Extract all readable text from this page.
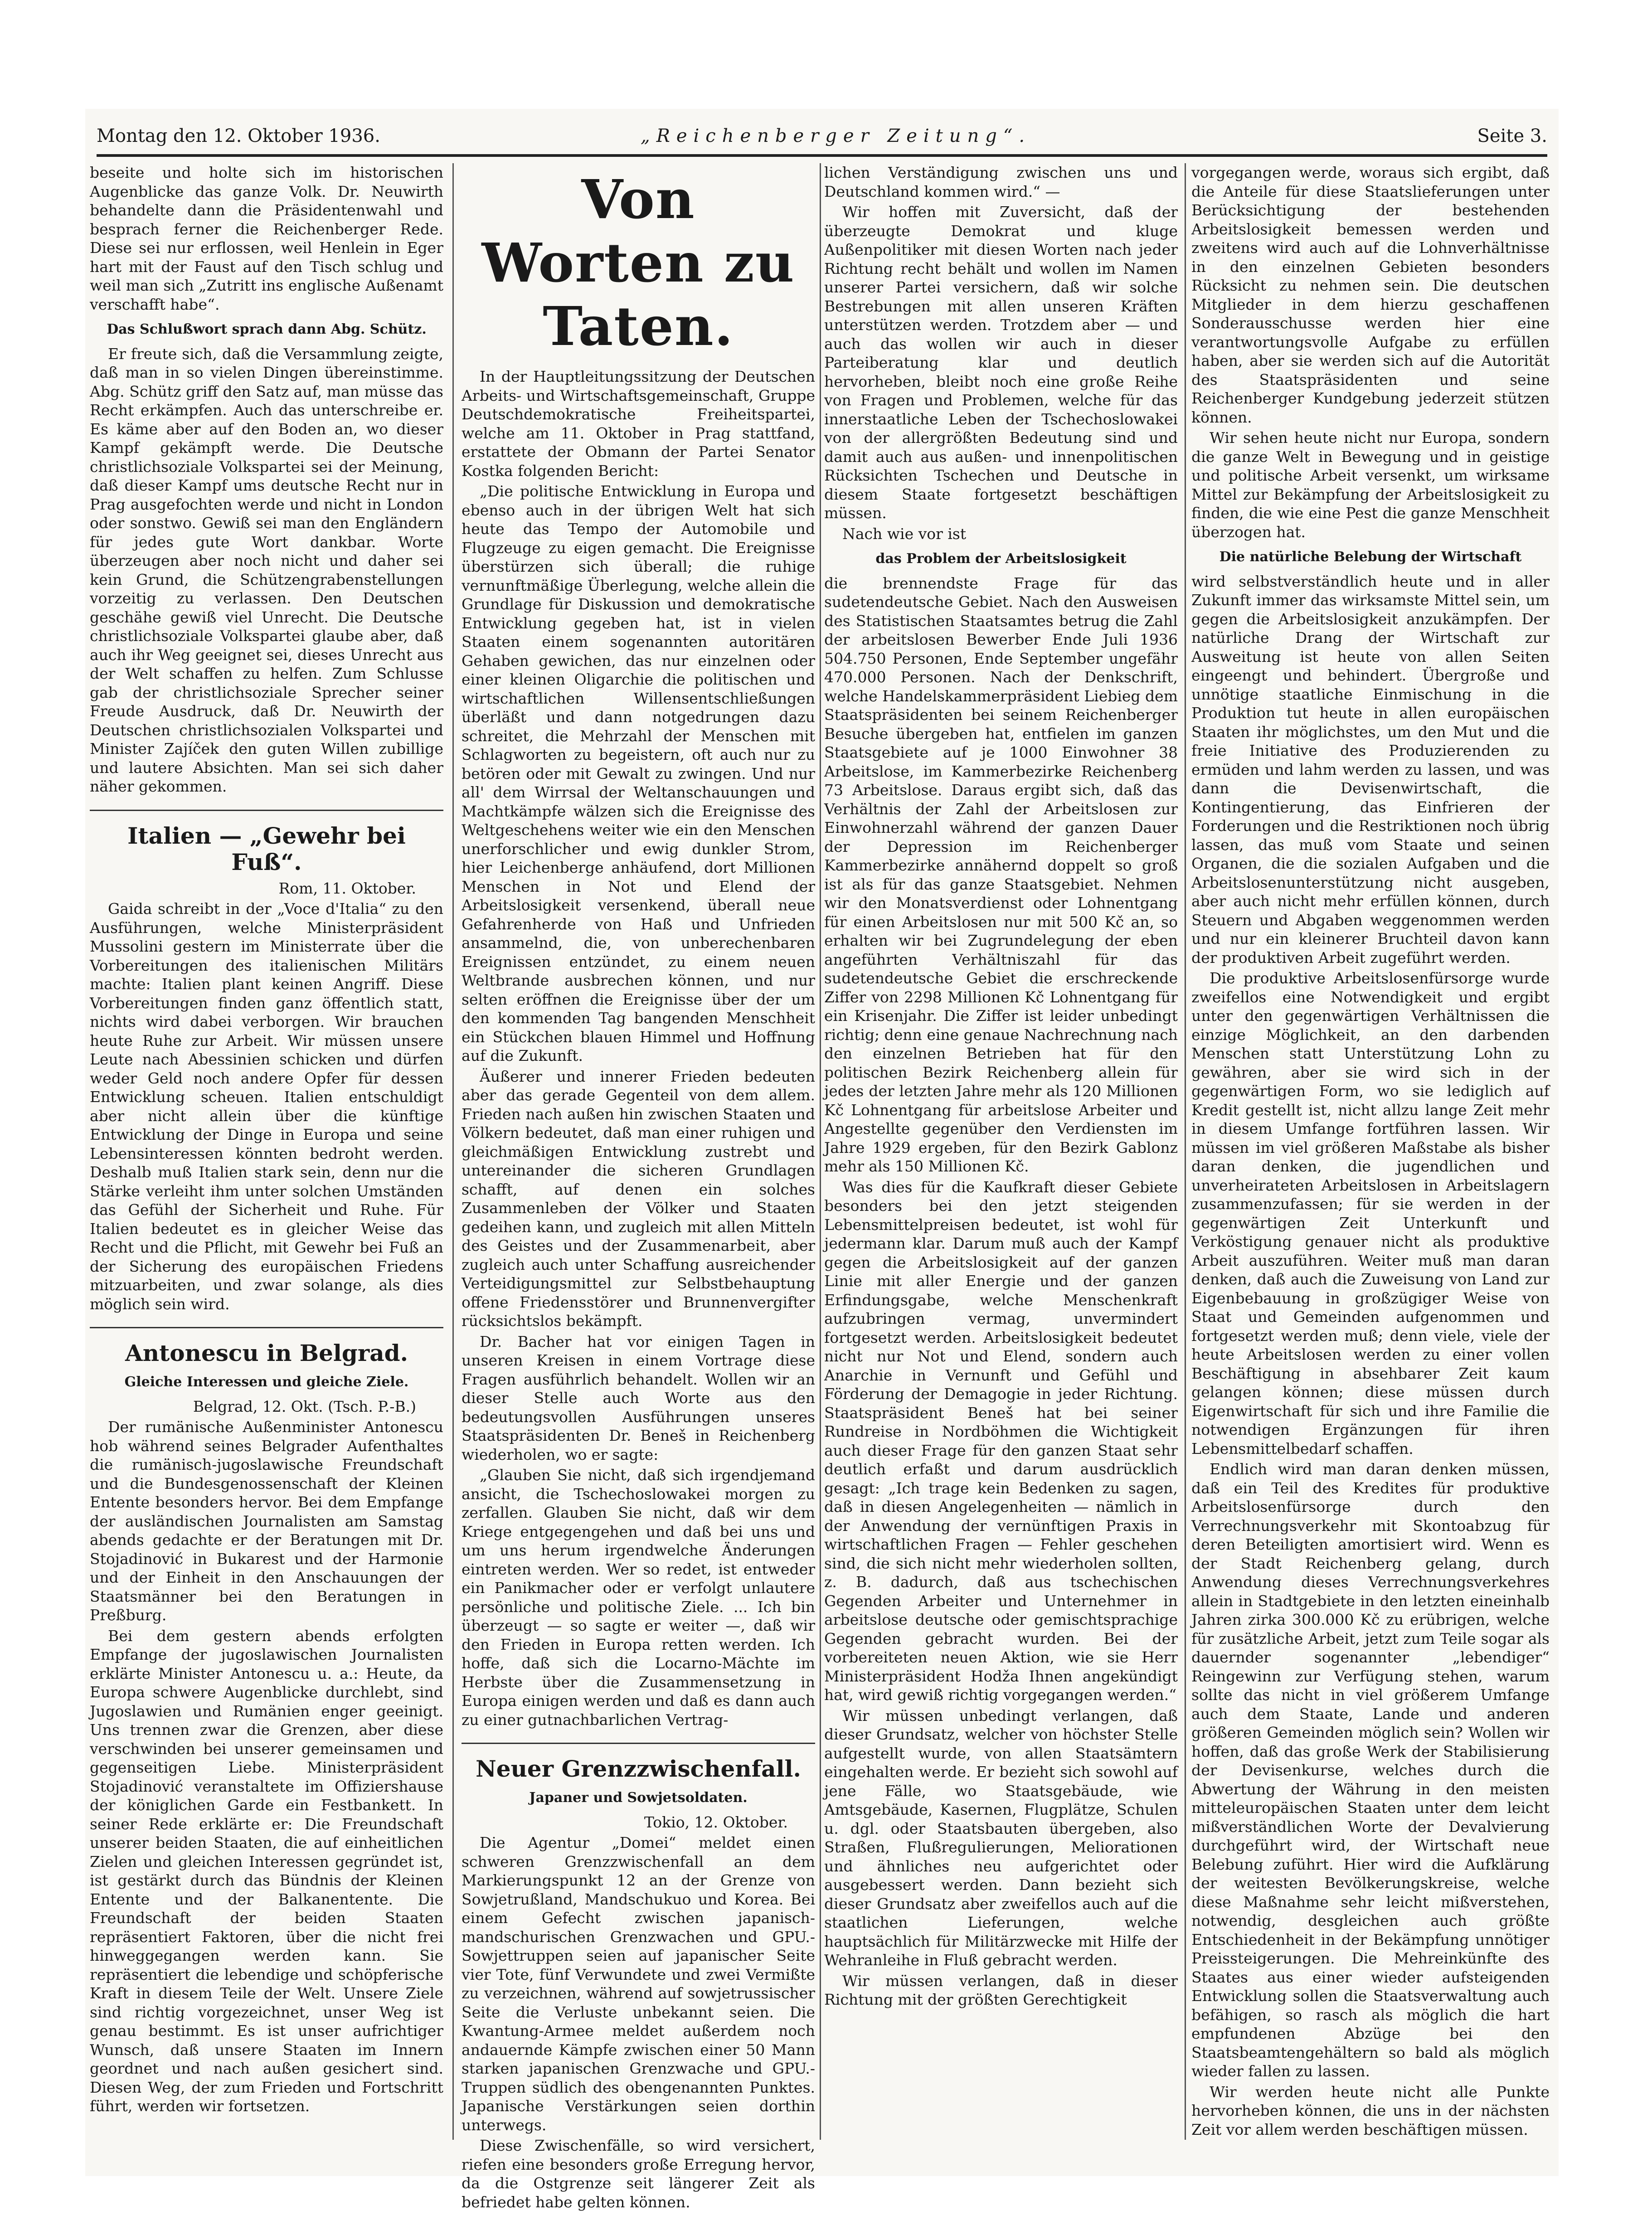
Montag den 12. Oktober 1936.	„Reichenberger Zeitung“.	Seite 3.

beseite und holte sich im historischen Augenblicke das ganze Volk. Dr. Neuwirth behandelte dann die Präsidentenwahl und besprach ferner die Reichenberger Rede. Diese sei nur erflossen, weil Henlein in Eger hart mit der Faust auf den Tisch schlug und weil man sich „Zutritt ins englische Außenamt verschafft habe“.

Das Schlußwort sprach dann Abg. Schütz.

Er freute sich, daß die Versammlung zeigte, daß man in so vielen Dingen übereinstimme. Abg. Schütz griff den Satz auf, man müsse das Recht erkämpfen. Auch das unterschreibe er. Es käme aber auf den Boden an, wo dieser Kampf gekämpft werde. Die Deutsche christlichsoziale Volkspartei sei der Meinung, daß dieser Kampf ums deutsche Recht nur in Prag ausgefochten werde und nicht in London oder sonstwo. Gewiß sei man den Engländern für jedes gute Wort dankbar. Worte überzeugen aber noch nicht und daher sei kein Grund, die Schützengrabenstellungen vorzeitig zu verlassen. Den Deutschen geschähe gewiß viel Unrecht. Die Deutsche christlichsoziale Volkspartei glaube aber, daß auch ihr Weg geeignet sei, dieses Unrecht aus der Welt schaffen zu helfen. Zum Schlusse gab der christlichsoziale Sprecher seiner Freude Ausdruck, daß Dr. Neuwirth der Deutschen christlichsozialen Volkspartei und Minister Zajíček den guten Willen zubillige und lautere Absichten. Man sei sich daher näher gekommen.

Italien — „Gewehr bei Fuß“.
Rom, 11. Oktober.

Gaida schreibt in der „Voce d'Italia“ zu den Ausführungen, welche Ministerpräsident Mussolini gestern im Ministerrate über die Vorbereitungen des italienischen Militärs machte: Italien plant keinen Angriff. Diese Vorbereitungen finden ganz öffentlich statt, nichts wird dabei verborgen. Wir brauchen heute Ruhe zur Arbeit. Wir müssen unsere Leute nach Abessinien schicken und dürfen weder Geld noch andere Opfer für dessen Entwicklung scheuen. Italien entschuldigt aber nicht allein über die künftige Entwicklung der Dinge in Europa und seine Lebensinteressen könnten bedroht werden. Deshalb muß Italien stark sein, denn nur die Stärke verleiht ihm unter solchen Umständen das Gefühl der Sicherheit und Ruhe. Für Italien bedeutet es in gleicher Weise das Recht und die Pflicht, mit Gewehr bei Fuß an der Sicherung des europäischen Friedens mitzuarbeiten, und zwar solange, als dies möglich sein wird.

Antonescu in Belgrad.
Gleiche Interessen und gleiche Ziele.
Belgrad, 12. Okt. (Tsch. P.-B.)

Der rumänische Außenminister Antonescu hob während seines Belgrader Aufenthaltes die rumänisch-jugoslawische Freundschaft und die Bundesgenossenschaft der Kleinen Entente besonders hervor. Bei dem Empfange der ausländischen Journalisten am Samstag abends gedachte er der Beratungen mit Dr. Stojadinović in Bukarest und der Harmonie und der Einheit in den Anschauungen der Staatsmänner bei den Beratungen in Preßburg.

Bei dem gestern abends erfolgten Empfange der jugoslawischen Journalisten erklärte Minister Antonescu u. a.: Heute, da Europa schwere Augenblicke durchlebt, sind Jugoslawien und Rumänien enger geeinigt. Uns trennen zwar die Grenzen, aber diese verschwinden bei unserer gemeinsamen und gegenseitigen Liebe. Ministerpräsident Stojadinović veranstaltete im Offiziershause der königlichen Garde ein Festbankett. In seiner Rede erklärte er: Die Freundschaft unserer beiden Staaten, die auf einheitlichen Zielen und gleichen Interessen gegründet ist, ist gestärkt durch das Bündnis der Kleinen Entente und der Balkanentente. Die Freundschaft der beiden Staaten repräsentiert Faktoren, über die nicht frei hinweggegangen werden kann. Sie repräsentiert die lebendige und schöpferische Kraft in diesem Teile der Welt. Unsere Ziele sind richtig vorgezeichnet, unser Weg ist genau bestimmt. Es ist unser aufrichtiger Wunsch, daß unsere Staaten im Innern geordnet und nach außen gesichert sind. Diesen Weg, der zum Frieden und Fortschritt führt, werden wir fortsetzen.

Von Worten zu Taten.

In der Hauptleitungssitzung der Deutschen Arbeits- und Wirtschaftsgemeinschaft, Gruppe Deutschdemokratische Freiheitspartei, welche am 11. Oktober in Prag stattfand, erstattete der Obmann der Partei Senator Kostka folgenden Bericht:

„Die politische Entwicklung in Europa und ebenso auch in der übrigen Welt hat sich heute das Tempo der Automobile und Flugzeuge zu eigen gemacht. Die Ereignisse überstürzen sich überall; die ruhige vernunftmäßige Überlegung, welche allein die Grundlage für Diskussion und demokratische Entwicklung gegeben hat, ist in vielen Staaten einem sogenannten autoritären Gehaben gewichen, das nur einzelnen oder einer kleinen Oligarchie die politischen und wirtschaftlichen Willensentschließungen überläßt und dann notgedrungen dazu schreitet, die Mehrzahl der Menschen mit Schlagworten zu begeistern, oft auch nur zu betören oder mit Gewalt zu zwingen. Und nur all' dem Wirrsal der Weltanschauungen und Machtkämpfe wälzen sich die Ereignisse des Weltgeschehens weiter wie ein den Menschen unerforschlicher und ewig dunkler Strom, hier Leichenberge anhäufend, dort Millionen Menschen in Not und Elend der Arbeitslosigkeit versenkend, überall neue Gefahrenherde von Haß und Unfrieden ansammelnd, die, von unberechenbaren Ereignissen entzündet, zu einem neuen Weltbrande ausbrechen können, und nur selten eröffnen die Ereignisse über der um den kommenden Tag bangenden Menschheit ein Stückchen blauen Himmel und Hoffnung auf die Zukunft.

Äußerer und innerer Frieden bedeuten aber das gerade Gegenteil von dem allem. Frieden nach außen hin zwischen Staaten und Völkern bedeutet, daß man einer ruhigen und gleichmäßigen Entwicklung zustrebt und untereinander die sicheren Grundlagen schafft, auf denen ein solches Zusammenleben der Völker und Staaten gedeihen kann, und zugleich mit allen Mitteln des Geistes und der Zusammenarbeit, aber zugleich auch unter Schaffung ausreichender Verteidigungsmittel zur Selbstbehauptung offene Friedensstörer und Brunnenvergifter rücksichtslos bekämpft.

Dr. Bacher hat vor einigen Tagen in unseren Kreisen in einem Vortrage diese Fragen ausführlich behandelt. Wollen wir an dieser Stelle auch Worte aus den bedeutungsvollen Ausführungen unseres Staatspräsidenten Dr. Beneš in Reichenberg wiederholen, wo er sagte:

„Glauben Sie nicht, daß sich irgendjemand ansicht, die Tschechoslowakei morgen zu zerfallen. Glauben Sie nicht, daß wir dem Kriege entgegengehen und daß bei uns und um uns herum irgendwelche Änderungen eintreten werden. Wer so redet, ist entweder ein Panikmacher oder er verfolgt unlautere persönliche und politische Ziele. ... Ich bin überzeugt — so sagte er weiter —, daß wir den Frieden in Europa retten werden. Ich hoffe, daß sich die Locarno-Mächte im Herbste über die Zusammensetzung in Europa einigen werden und daß es dann auch zu einer gutnachbarlichen Vertrag-

Neuer Grenzzwischenfall.
Japaner und Sowjetsoldaten.
Tokio, 12. Oktober.

Die Agentur „Domei“ meldet einen schweren Grenzzwischenfall an dem Markierungspunkt 12 an der Grenze von Sowjetrußland, Mandschukuo und Korea. Bei einem Gefecht zwischen japanisch-mandschurischen Grenzwachen und GPU.-Sowjettruppen seien auf japanischer Seite vier Tote, fünf Verwundete und zwei Vermißte zu verzeichnen, während auf sowjetrussischer Seite die Verluste unbekannt seien. Die Kwantung-Armee meldet außerdem noch andauernde Kämpfe zwischen einer 50 Mann starken japanischen Grenzwache und GPU.-Truppen südlich des obengenannten Punktes. Japanische Verstärkungen seien dorthin unterwegs.

Diese Zwischenfälle, so wird versichert, riefen eine besonders große Erregung hervor, da die Ostgrenze seit längerer Zeit als befriedet habe gelten können.

lichen Verständigung zwischen uns und Deutschland kommen wird.“ —

Wir hoffen mit Zuversicht, daß der überzeugte Demokrat und kluge Außenpolitiker mit diesen Worten nach jeder Richtung recht behält und wollen im Namen unserer Partei versichern, daß wir solche Bestrebungen mit allen unseren Kräften unterstützen werden. Trotzdem aber — und auch das wollen wir auch in dieser Parteiberatung klar und deutlich hervorheben, bleibt noch eine große Reihe von Fragen und Problemen, welche für das innerstaatliche Leben der Tschechoslowakei von der allergrößten Bedeutung sind und damit auch aus außen- und innenpolitischen Rücksichten Tschechen und Deutsche in diesem Staate fortgesetzt beschäftigen müssen.

Nach wie vor ist

das Problem der Arbeitslosigkeit

die brennendste Frage für das sudetendeutsche Gebiet. Nach den Ausweisen des Statistischen Staatsamtes betrug die Zahl der arbeitslosen Bewerber Ende Juli 1936 504.750 Personen, Ende September ungefähr 470.000 Personen. Nach der Denkschrift, welche Handelskammerpräsident Liebieg dem Staatspräsidenten bei seinem Reichenberger Besuche übergeben hat, entfielen im ganzen Staatsgebiete auf je 1000 Einwohner 38 Arbeitslose, im Kammerbezirke Reichenberg 73 Arbeitslose. Daraus ergibt sich, daß das Verhältnis der Zahl der Arbeitslosen zur Einwohnerzahl während der ganzen Dauer der Depression im Reichenberger Kammerbezirke annähernd doppelt so groß ist als für das ganze Staatsgebiet. Nehmen wir den Monatsverdienst oder Lohnentgang für einen Arbeitslosen nur mit 500 Kč an, so erhalten wir bei Zugrundelegung der eben angeführten Verhältniszahl für das sudetendeutsche Gebiet die erschreckende Ziffer von 2298 Millionen Kč Lohnentgang für ein Krisenjahr. Die Ziffer ist leider unbedingt richtig; denn eine genaue Nachrechnung nach den einzelnen Betrieben hat für den politischen Bezirk Reichenberg allein für jedes der letzten Jahre mehr als 120 Millionen Kč Lohnentgang für arbeitslose Arbeiter und Angestellte gegenüber den Verdiensten im Jahre 1929 ergeben, für den Bezirk Gablonz mehr als 150 Millionen Kč.

Was dies für die Kaufkraft dieser Gebiete besonders bei den jetzt steigenden Lebensmittelpreisen bedeutet, ist wohl für jedermann klar. Darum muß auch der Kampf gegen die Arbeitslosigkeit auf der ganzen Linie mit aller Energie und der ganzen Erfindungsgabe, welche Menschenkraft aufzubringen vermag, unvermindert fortgesetzt werden. Arbeitslosigkeit bedeutet nicht nur Not und Elend, sondern auch Anarchie in Vernunft und Gefühl und Förderung der Demagogie in jeder Richtung. Staatspräsident Beneš hat bei seiner Rundreise in Nordböhmen die Wichtigkeit auch dieser Frage für den ganzen Staat sehr deutlich erfaßt und darum ausdrücklich gesagt: „Ich trage kein Bedenken zu sagen, daß in diesen Angelegenheiten — nämlich in der Anwendung der vernünftigen Praxis in wirtschaftlichen Fragen — Fehler geschehen sind, die sich nicht mehr wiederholen sollten, z. B. dadurch, daß aus tschechischen Gegenden Arbeiter und Unternehmer in arbeitslose deutsche oder gemischtsprachige Gegenden gebracht wurden. Bei der vorbereiteten neuen Aktion, wie sie Herr Ministerpräsident Hodža Ihnen angekündigt hat, wird gewiß richtig vorgegangen werden.“

Wir müssen unbedingt verlangen, daß dieser Grundsatz, welcher von höchster Stelle aufgestellt wurde, von allen Staatsämtern eingehalten werde. Er bezieht sich sowohl auf jene Fälle, wo Staatsgebäude, wie Amtsgebäude, Kasernen, Flugplätze, Schulen u. dgl. oder Staatsbauten übergeben, also Straßen, Flußregulierungen, Meliorationen und ähnliches neu aufgerichtet oder ausgebessert werden. Dann bezieht sich dieser Grundsatz aber zweifellos auch auf die staatlichen Lieferungen, welche hauptsächlich für Militärzwecke mit Hilfe der Wehranleihe in Fluß gebracht werden.

Wir müssen verlangen, daß in dieser Richtung mit der größten Gerechtigkeit

vorgegangen werde, woraus sich ergibt, daß die Anteile für diese Staatslieferungen unter Berücksichtigung der bestehenden Arbeitslosigkeit bemessen werden und zweitens wird auch auf die Lohnverhältnisse in den einzelnen Gebieten besonders Rücksicht zu nehmen sein. Die deutschen Mitglieder in dem hierzu geschaffenen Sonderausschusse werden hier eine verantwortungsvolle Aufgabe zu erfüllen haben, aber sie werden sich auf die Autorität des Staatspräsidenten und seine Reichenberger Kundgebung jederzeit stützen können.

Wir sehen heute nicht nur Europa, sondern die ganze Welt in Bewegung und in geistige und politische Arbeit versenkt, um wirksame Mittel zur Bekämpfung der Arbeitslosigkeit zu finden, die wie eine Pest die ganze Menschheit überzogen hat.

Die natürliche Belebung der Wirtschaft

wird selbstverständlich heute und in aller Zukunft immer das wirksamste Mittel sein, um gegen die Arbeitslosigkeit anzukämpfen. Der natürliche Drang der Wirtschaft zur Ausweitung ist heute von allen Seiten eingeengt und behindert. Übergroße und unnötige staatliche Einmischung in die Produktion tut heute in allen europäischen Staaten ihr möglichstes, um den Mut und die freie Initiative des Produzierenden zu ermüden und lahm werden zu lassen, und was dann die Devisenwirtschaft, die Kontingentierung, das Einfrieren der Forderungen und die Restriktionen noch übrig lassen, das muß vom Staate und seinen Organen, die die sozialen Aufgaben und die Arbeitslosenunterstützung nicht ausgeben, aber auch nicht mehr erfüllen können, durch Steuern und Abgaben weggenommen werden und nur ein kleinerer Bruchteil davon kann der produktiven Arbeit zugeführt werden.

Die produktive Arbeitslosenfürsorge wurde zweifellos eine Notwendigkeit und ergibt unter den gegenwärtigen Verhältnissen die einzige Möglichkeit, an den darbenden Menschen statt Unterstützung Lohn zu gewähren, aber sie wird sich in der gegenwärtigen Form, wo sie lediglich auf Kredit gestellt ist, nicht allzu lange Zeit mehr in diesem Umfange fortführen lassen. Wir müssen im viel größeren Maßstabe als bisher daran denken, die jugendlichen und unverheirateten Arbeitslosen in Arbeitslagern zusammenzufassen; für sie werden in der gegenwärtigen Zeit Unterkunft und Verköstigung genauer nicht als produktive Arbeit auszuführen. Weiter muß man daran denken, daß auch die Zuweisung von Land zur Eigenbebauung in großzügiger Weise von Staat und Gemeinden aufgenommen und fortgesetzt werden muß; denn viele, viele der heute Arbeitslosen werden zu einer vollen Beschäftigung in absehbarer Zeit kaum gelangen können; diese müssen durch Eigenwirtschaft für sich und ihre Familie die notwendigen Ergänzungen für ihren Lebensmittelbedarf schaffen.

Endlich wird man daran denken müssen, daß ein Teil des Kredites für produktive Arbeitslosenfürsorge durch den Verrechnungsverkehr mit Skontoabzug für deren Beteiligten amortisiert wird. Wenn es der Stadt Reichenberg gelang, durch Anwendung dieses Verrechnungsverkehres allein in Stadtgebiete in den letzten eineinhalb Jahren zirka 300.000 Kč zu erübrigen, welche für zusätzliche Arbeit, jetzt zum Teile sogar als dauernder sogenannter „lebendiger“ Reingewinn zur Verfügung stehen, warum sollte das nicht in viel größerem Umfange auch dem Staate, Lande und anderen größeren Gemeinden möglich sein? Wollen wir hoffen, daß das große Werk der Stabilisierung der Devisenkurse, welches durch die Abwertung der Währung in den meisten mitteleuropäischen Staaten unter dem leicht mißverständlichen Worte der Devalvierung durchgeführt wird, der Wirtschaft neue Belebung zuführt. Hier wird die Aufklärung der weitesten Bevölkerungskreise, welche diese Maßnahme sehr leicht mißverstehen, notwendig, desgleichen auch größte Entschiedenheit in der Bekämpfung unnötiger Preissteigerungen. Die Mehreinkünfte des Staates aus einer wieder aufsteigenden Entwicklung sollen die Staatsverwaltung auch befähigen, so rasch als möglich die hart empfundenen Abzüge bei den Staatsbeamtengehältern so bald als möglich wieder fallen zu lassen.

Wir werden heute nicht alle Punkte hervorheben können, die uns in der nächsten Zeit vor allem werden beschäftigen müssen.
